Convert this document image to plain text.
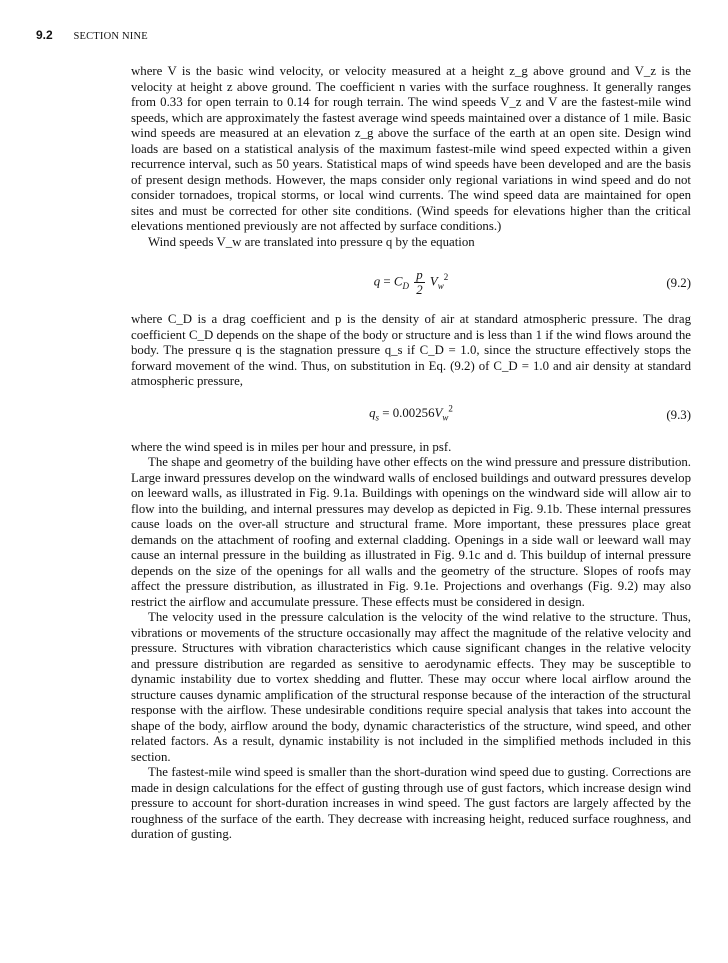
9.2 SECTION NINE

where V is the basic wind velocity, or velocity measured at a height z_g above ground and V_z is the velocity at height z above ground. The coefficient n varies with the surface roughness. It generally ranges from 0.33 for open terrain to 0.14 for rough terrain. The wind speeds V_z and V are the fastest-mile wind speeds, which are approximately the fastest average wind speeds maintained over a distance of 1 mile. Basic wind speeds are measured at an elevation z_g above the surface of the earth at an open site. Design wind loads are based on a statistical analysis of the maximum fastest-mile wind speed expected within a given recurrence interval, such as 50 years. Statistical maps of wind speeds have been developed and are the basis of present design methods. However, the maps consider only regional variations in wind speed and do not consider tornadoes, tropical storms, or local wind currents. The wind speed data are maintained for open sites and must be corrected for other site conditions. (Wind speeds for elevations higher than the critical elevations mentioned previously are not affected by surface conditions.)

Wind speeds V_w are translated into pressure q by the equation

$q = C_D \frac{p}{2} V_w^2$	(9.2)

where C_D is a drag coefficient and p is the density of air at standard atmospheric pressure. The drag coefficient C_D depends on the shape of the body or structure and is less than 1 if the wind flows around the body. The pressure q is the stagnation pressure q_s if C_D = 1.0, since the structure effectively stops the forward movement of the wind. Thus, on substitution in Eq. (9.2) of C_D = 1.0 and air density at standard atmospheric pressure,

$q_s = 0.00256V_w^2$	(9.3)

where the wind speed is in miles per hour and pressure, in psf.

The shape and geometry of the building have other effects on the wind pressure and pressure distribution. Large inward pressures develop on the windward walls of enclosed buildings and outward pressures develop on leeward walls, as illustrated in Fig. 9.1a. Buildings with openings on the windward side will allow air to flow into the building, and internal pressures may develop as depicted in Fig. 9.1b. These internal pressures cause loads on the over-all structure and structural frame. More important, these pressures place great demands on the attachment of roofing and external cladding. Openings in a side wall or leeward wall may cause an internal pressure in the building as illustrated in Fig. 9.1c and d. This buildup of internal pressure depends on the size of the openings for all walls and the geometry of the structure. Slopes of roofs may affect the pressure distribution, as illustrated in Fig. 9.1e. Projections and overhangs (Fig. 9.2) may also restrict the airflow and accumulate pressure. These effects must be considered in design.

The velocity used in the pressure calculation is the velocity of the wind relative to the structure. Thus, vibrations or movements of the structure occasionally may affect the magnitude of the relative velocity and pressure. Structures with vibration characteristics which cause significant changes in the relative velocity and pressure distribution are regarded as sensitive to aerodynamic effects. They may be susceptible to dynamic instability due to vortex shedding and flutter. These may occur where local airflow around the structure causes dynamic amplification of the structural response because of the interaction of the structural response with the airflow. These undesirable conditions require special analysis that takes into account the shape of the body, airflow around the body, dynamic characteristics of the structure, wind speed, and other related factors. As a result, dynamic instability is not included in the simplified methods included in this section.

The fastest-mile wind speed is smaller than the short-duration wind speed due to gusting. Corrections are made in design calculations for the effect of gusting through use of gust factors, which increase design wind pressure to account for short-duration increases in wind speed. The gust factors are largely affected by the roughness of the surface of the earth. They decrease with increasing height, reduced surface roughness, and duration of gusting.
